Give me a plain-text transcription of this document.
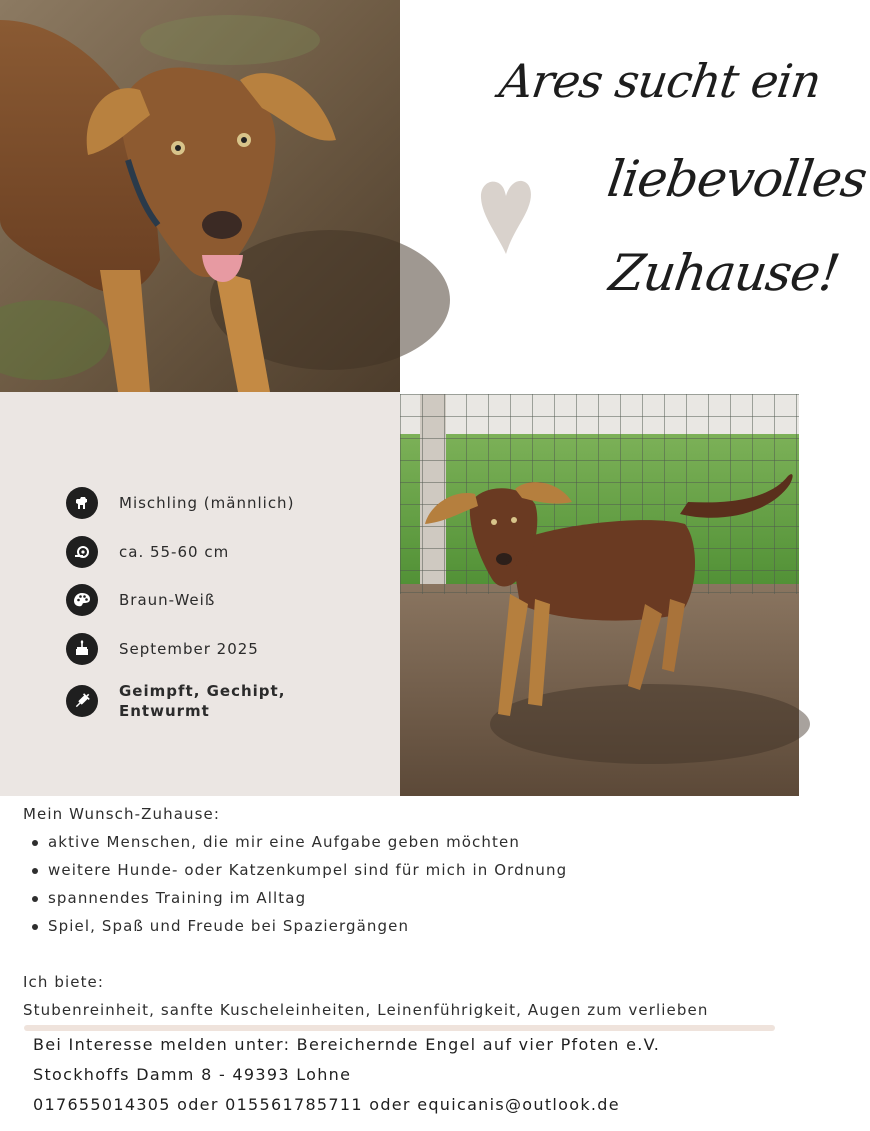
Ares sucht ein
liebevolles
Zuhause!
Mischling (männlich)
ca. 55-60 cm
Braun-Weiß
September 2025
Geimpft, Gechipt, Entwurmt
Mein Wunsch-Zuhause:
aktive Menschen, die mir eine Aufgabe geben möchten
weitere Hunde- oder Katzenkumpel sind für mich in Ordnung
spannendes Training im Alltag
Spiel, Spaß und Freude bei Spaziergängen
Ich biete:
Stubenreinheit, sanfte Kuscheleinheiten, Leinenführigkeit, Augen zum verlieben
Bei Interesse melden unter: Bereichernde Engel auf vier Pfoten e.V.
Stockhoffs Damm 8 - 49393 Lohne
017655014305 oder 015561785711 oder equicanis@outlook.de
